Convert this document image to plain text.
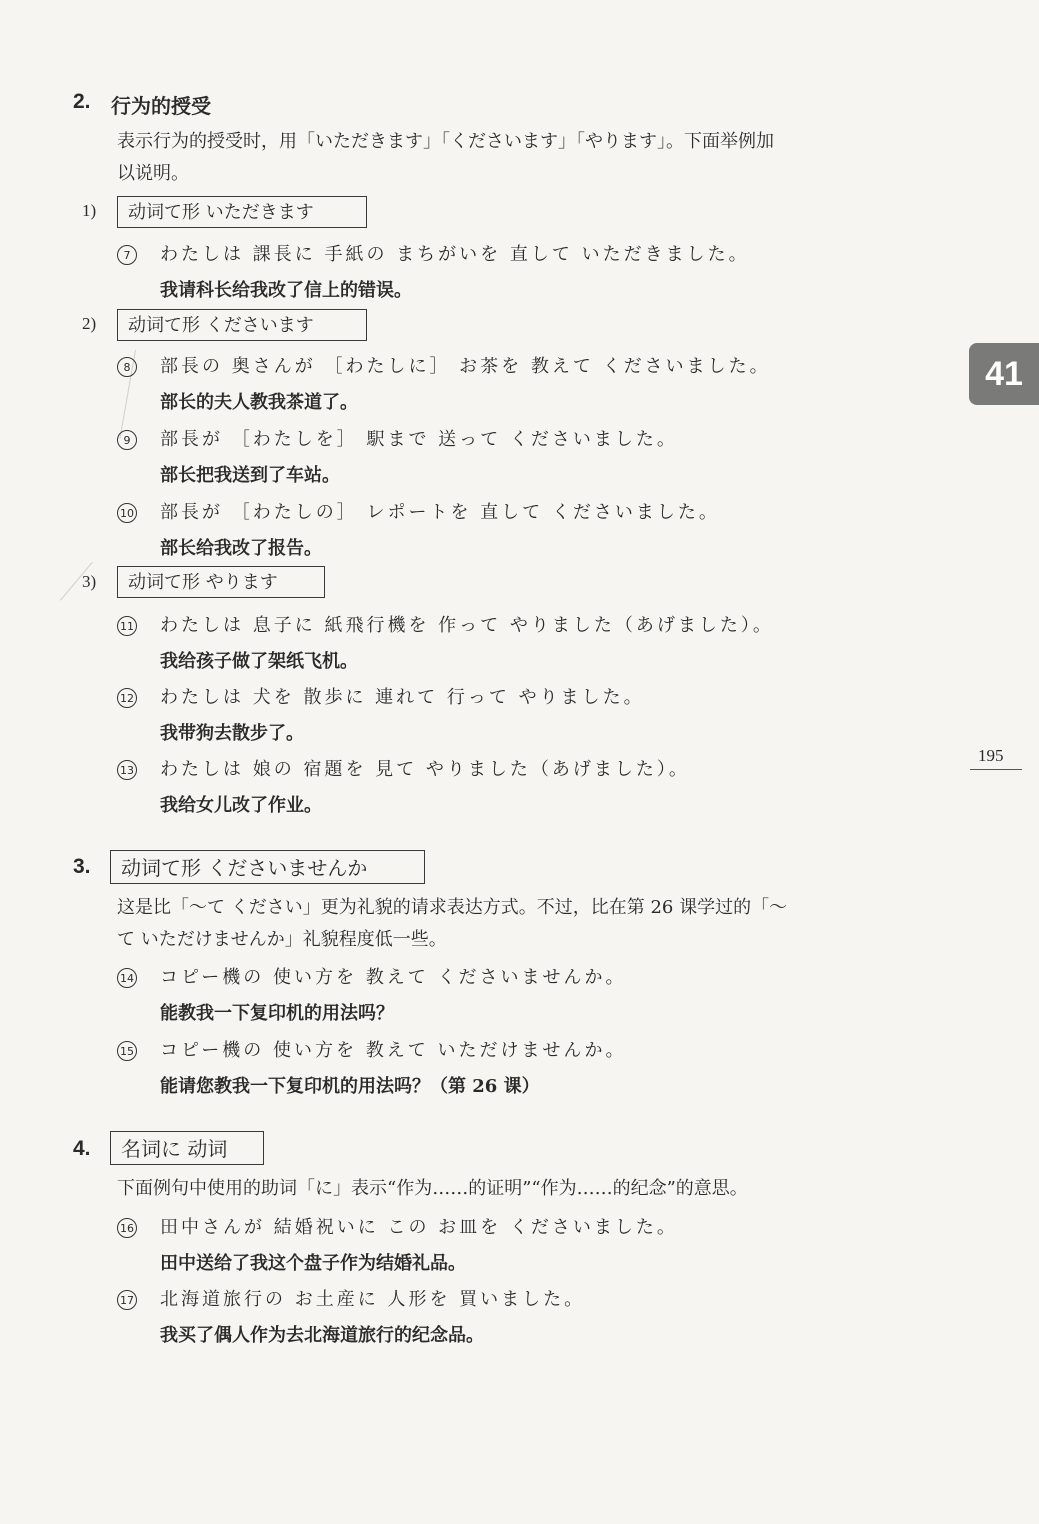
2. 行为的授受
表示行为的授受时，用「いただきます」「くださいます」「やります」。下面举例加
以说明。
1)	动词て形 いただきます
7	わたしは 課長に 手紙の まちがいを 直して いただきました。
我请科长给我改了信上的错误。
2)	动词て形 くださいます
8	部長の 奥さんが ［わたしに］ お茶を 教えて くださいました。
部长的夫人教我茶道了。
9	部長が ［わたしを］ 駅まで 送って くださいました。
部长把我送到了车站。
10 部長が ［わたしの］ レポートを 直して くださいました。
部长给我改了报告。
3)	动词て形 やります
11 わたしは 息子に 紙飛行機を 作って やりました（あげました）。
我给孩子做了架纸飞机。
12 わたしは 犬を 散歩に 連れて 行って やりました。
我带狗去散步了。
13 わたしは 娘の 宿題を 見て やりました（あげました）。
我给女儿改了作业。
3.	动词て形 くださいませんか
这是比「～て ください」更为礼貌的请求表达方式。不过，比在第 26 课学过的「～
て いただけませんか」礼貌程度低一些。
14 コピー機の 使い方を 教えて くださいませんか。
能教我一下复印机的用法吗？
15 コピー機の 使い方を 教えて いただけませんか。
能请您教我一下复印机的用法吗？（第 26 课）
4.	名词に 动词
下面例句中使用的助词「に」表示“作为……的证明”“作为……的纪念”的意思。
16 田中さんが 結婚祝いに この お皿を くださいました。
田中送给了我这个盘子作为结婚礼品。
17 北海道旅行の お土産に 人形を 買いました。
我买了偶人作为去北海道旅行的纪念品。
41
195
